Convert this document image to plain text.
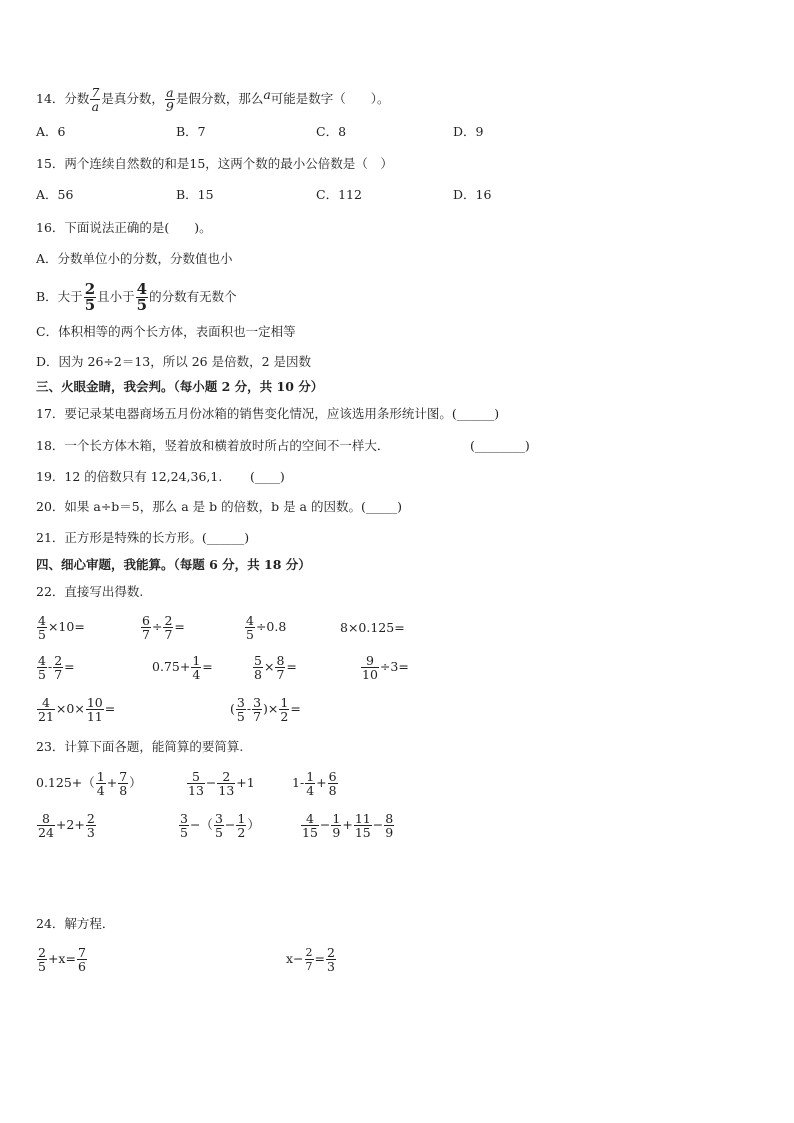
14．分数 $\frac{7}{a}$ 是真分数， $\frac{a}{9}$ 是假分数，那么a可能是数字（　　）。
A．6	B．7	C．8	D．9
15．两个连续自然数的和是15，这两个数的最小公倍数是（　）
A．56	B．15	C．112	D．16
16．下面说法正确的是(　　)。
A．分数单位小的分数，分数值也小
B．大于 $\frac{2}{5}$ 且小于 $\frac{4}{5}$ 的分数有无数个
C．体积相等的两个长方体，表面积也一定相等
D．因为 26÷2＝13，所以 26 是倍数，2 是因数
三、火眼金睛，我会判。（每小题 2 分，共 10 分）
17．要记录某电器商场五月份冰箱的销售变化情况，应该选用条形统计图。(______)
18．一个长方体木箱，竖着放和横着放时所占的空间不一样大．	(________)
19．12 的倍数只有 12,24,36,1. (____)
20．如果 a÷b＝5，那么 a 是 b 的倍数，b 是 a 的因数。(_____)
21．正方形是特殊的长方形。(______)
四、细心审题，我能算。（每题 6 分，共 18 分）
22．直接写出得数.
$\frac{4}{5} \times 10=$	$\frac{6}{7} \div \frac{2}{7}$ =	$\frac{4}{5} \div 0.8$	8×0.125=
$\frac{4}{5} - \frac{2}{7}$ =	$0.75+ \frac{1}{4}$ =	$\frac{5}{8} \times \frac{8}{7}$ =	$\frac{9}{10} \div 3=$
$\frac{4}{21} \times 0\times \frac{10}{11}$ =	( $\frac{3}{5} - \frac{3}{7}$ )× $\frac{1}{2}$ =
23．计算下面各题，能简算的要简算.
$0.125+( \frac{1}{4} + \frac{7}{8}$ ）	$\frac{5}{13} - \frac{2}{13} +1$	$1- \frac{1}{4} + \frac{6}{8}$
$\frac{8}{24} +2+ \frac{2}{3}$	$\frac{3}{5}$ −（ $\frac{3}{5} - \frac{1}{2}$ ）	$\frac{4}{15} - \frac{1}{9} + \frac{11}{15} - \frac{8}{9}$
24．解方程．
$\frac{2}{5} +x= \frac{7}{6}$	$x- \frac{2}{7} = \frac{2}{3}$
